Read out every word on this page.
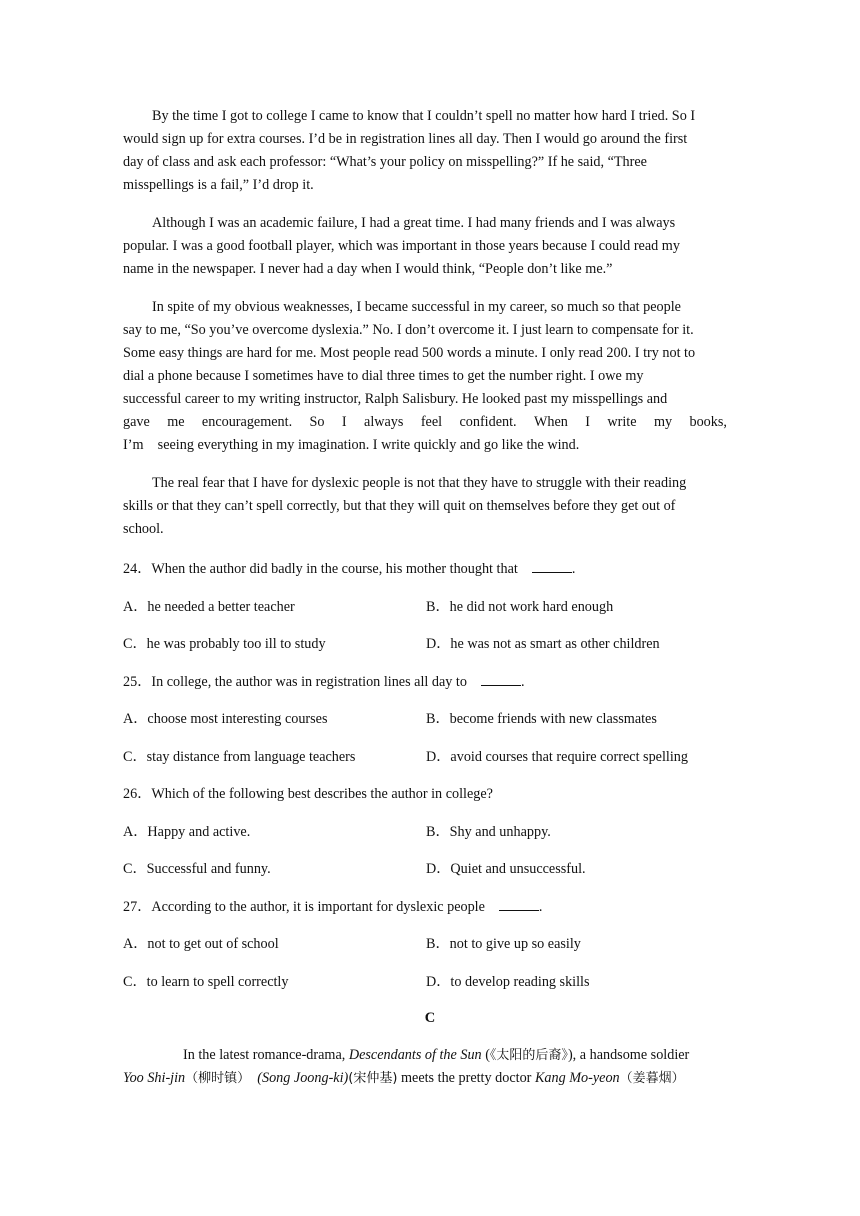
By the time I got to college I came to know that I couldn’t spell no matter how hard I tried. So I
would sign up for extra courses. I’d be in registration lines all day. Then I would go around the first
day of class and ask each professor: “What’s your policy on misspelling?” If he said, “Three
misspellings is a fail,” I’d drop it.
Although I was an academic failure, I had a great time. I had many friends and I was always
popular. I was a good football player, which was important in those years because I could read my
name in the newspaper. I never had a day when I would think, “People don’t like me.”
In spite of my obvious weaknesses, I became successful in my career, so much so that people
say to me, “So you’ve overcome dyslexia.” No. I don’t overcome it. I just learn to compensate for it.
Some easy things are hard for me. Most people read 500 words a minute. I only read 200. I try not to
dial a phone because I sometimes have to dial three times to get the number right. I owe my
successful career to my writing instructor, Ralph Salisbury. He looked past my misspellings and
gave me encouragement. So I always feel confident. When I write my books,
I’m    seeing everything in my imagination. I write quickly and go like the wind.
The real fear that I have for dyslexic people is not that they have to struggle with their reading
skills or that they can’t spell correctly, but that they will quit on themselves before they get out of
school.
24．When the author did badly in the course, his mother thought that	.
A．he needed a better teacher	B．he did not work hard enough
C．he was probably too ill to study	D．he was not as smart as other children
25．In college, the author was in registration lines all day to	.
A．choose most interesting courses	B．become friends with new classmates
C．stay distance from language teachers	D．avoid courses that require correct spelling
26．Which of the following best describes the author in college?
A．Happy and active.	B．Shy and unhappy.
C．Successful and funny.	D．Quiet and unsuccessful.
27．According to the author, it is important for dyslexic people	.
A．not to get out of school	B．not to give up so easily
C．to learn to spell correctly	D．to develop reading skills
C
In the latest romance-drama, Descendants of the Sun (《太阳的后裔》), a handsome soldier
Yoo Shi-jin（柳时镇） (Song Joong-ki)(宋仲基) meets the pretty doctor Kang Mo-yeon（姜暮烟）
